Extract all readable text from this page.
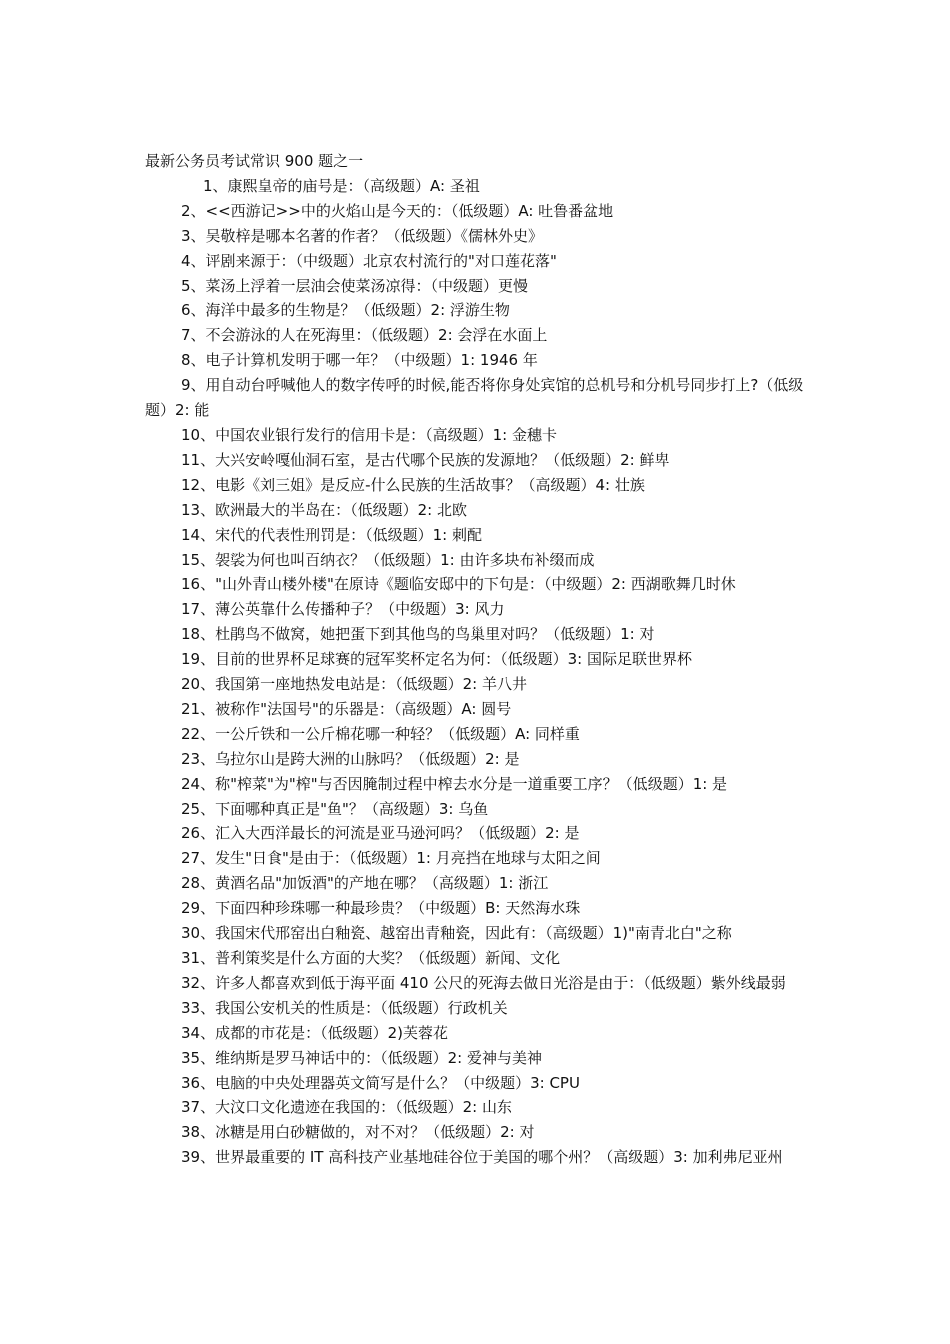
最新公务员考试常识 900 题之一

1、康熙皇帝的庙号是：（高级题）A: 圣祖

2、<<西游记>>中的火焰山是今天的：（低级题）A: 吐鲁番盆地

3、吴敬梓是哪本名著的作者？（低级题）《儒林外史》

4、评剧来源于：（中级题）北京农村流行的"对口莲花落"

5、菜汤上浮着一层油会使菜汤凉得：（中级题）更慢

6、海洋中最多的生物是？（低级题）2: 浮游生物

7、不会游泳的人在死海里：（低级题）2: 会浮在水面上

8、电子计算机发明于哪一年？（中级题）1: 1946 年

9、用自动台呼喊他人的数字传呼的时候,能否将你身处宾馆的总机号和分机号同步打上?（低级题）2: 能

10、中国农业银行发行的信用卡是：（高级题）1: 金穗卡

11、大兴安岭嘎仙洞石室，是古代哪个民族的发源地？（低级题）2: 鲜卑

12、电影《刘三姐》是反应-什么民族的生活故事？（高级题）4: 壮族

13、欧洲最大的半岛在：（低级题）2: 北欧

14、宋代的代表性刑罚是：（低级题）1: 刺配

15、袈裟为何也叫百纳衣？（低级题）1: 由许多块布补缀而成

16、"山外青山楼外楼"在原诗《题临安邸中的下句是：（中级题）2: 西湖歌舞几时休

17、薄公英靠什么传播种子？（中级题）3: 风力

18、杜鹃鸟不做窝，她把蛋下到其他鸟的鸟巢里对吗？（低级题）1: 对

19、目前的世界杯足球赛的冠军奖杯定名为何：（低级题）3: 国际足联世界杯

20、我国第一座地热发电站是：（低级题）2: 羊八井

21、被称作"法国号"的乐器是：（高级题）A: 圆号

22、一公斤铁和一公斤棉花哪一种轻？（低级题）A: 同样重

23、乌拉尔山是跨大洲的山脉吗？（低级题）2: 是

24、称"榨菜"为"榨"与否因腌制过程中榨去水分是一道重要工序？（低级题）1: 是

25、下面哪种真正是"鱼"？（高级题）3: 乌鱼

26、汇入大西洋最长的河流是亚马逊河吗？（低级题）2: 是

27、发生"日食"是由于：（低级题）1: 月亮挡在地球与太阳之间

28、黄酒名品"加饭酒"的产地在哪？（高级题）1: 浙江

29、下面四种珍珠哪一种最珍贵？（中级题）B: 天然海水珠

30、我国宋代邢窑出白釉瓷、越窑出青釉瓷，因此有：（高级题）1)"南青北白"之称

31、普利策奖是什么方面的大奖？（低级题）新闻、文化

32、许多人都喜欢到低于海平面 410 公尺的死海去做日光浴是由于：（低级题）紫外线最弱

33、我国公安机关的性质是：（低级题）行政机关

34、成都的市花是：（低级题）2)芙蓉花

35、维纳斯是罗马神话中的：（低级题）2: 爱神与美神

36、电脑的中央处理器英文简写是什么？（中级题）3: CPU

37、大汶口文化遗迹在我国的：（低级题）2: 山东

38、冰糖是用白砂糖做的，对不对？（低级题）2: 对

39、世界最重要的 IT 高科技产业基地硅谷位于美国的哪个州？（高级题）3: 加利弗尼亚州
